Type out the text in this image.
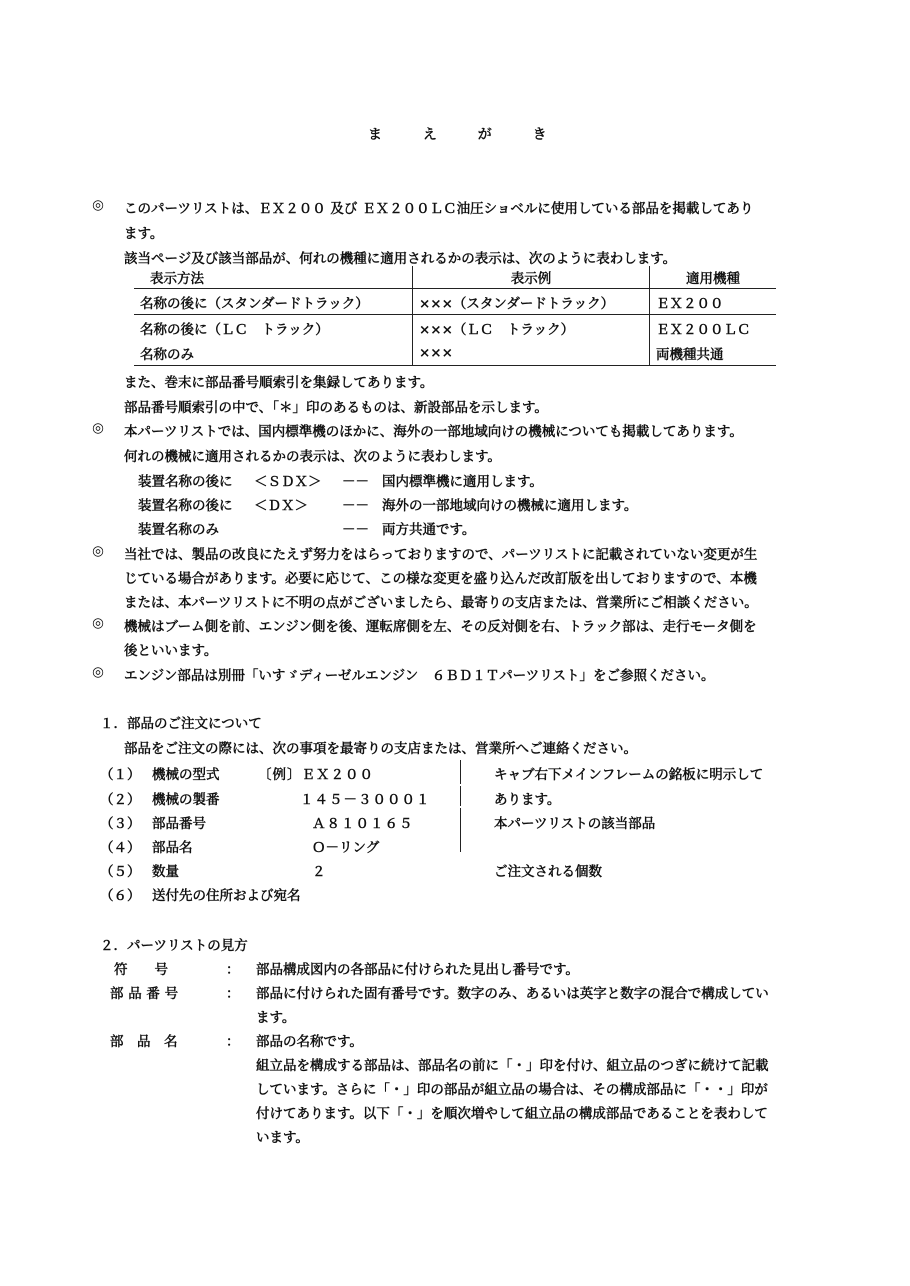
ま え が き
◎	このパーツリストは、ＥＸ２００ 及び ＥＸ２００ＬＣ油圧ショベルに使用している部品を掲載してあり
ます。
該当ページ及び該当部品が、何れの機種に適用されるかの表示は、次のように表わします。
表示方法	表示例	適用機種
名称の後に（スタンダードトラック）	×××（スタンダードトラック）	ＥＸ２００
名称の後に（ＬＣ　トラック）	×××（ＬＣ　トラック）	ＥＸ２００ＬＣ
名称のみ	×××	両機種共通
また、巻末に部品番号順索引を集録してあります。
部品番号順索引の中で、「＊」印のあるものは、新設部品を示します。
◎	本パーツリストでは、国内標準機のほかに、海外の一部地域向けの機械についても掲載してあります。
何れの機械に適用されるかの表示は、次のように表わします。
装置名称の後に ＜ＳＤＸ＞ －－ 国内標準機に適用します。
装置名称の後に ＜ＤＸ＞	－－ 海外の一部地域向けの機械に適用します。
装置名称のみ	－－ 両方共通です。
◎	当社では、製品の改良にたえず努力をはらっておりますので、パーツリストに記載されていない変更が生
じている場合があります。必要に応じて、この様な変更を盛り込んだ改訂版を出しておりますので、本機
または、本パーツリストに不明の点がございましたら、最寄りの支店または、営業所にご相談ください。
◎	機械はブーム側を前、エンジン側を後、運転席側を左、その反対側を右、トラック部は、走行モータ側を
後といいます。
◎	エンジン部品は別冊「いすゞディーゼルエンジン　６ＢＤ１Ｔパーツリスト」をご参照ください。
１．部品のご注文について
部品をご注文の際には、次の事項を最寄りの支店または、営業所へご連絡ください。
（１） 機械の型式	〔例〕ＥＸ２００	キャブ右下メインフレームの銘板に明示して
（２） 機械の製番	１４５－３０００１	あります。
（３） 部品番号	Ａ８１０１６５	本パーツリストの該当部品
（４） 部品名	Ｏ－リング
（５） 数量	２	ご注文される個数
（６） 送付先の住所および宛名
２．パーツリストの見方
符　　号	： 部品構成図内の各部品に付けられた見出し番号です。
部 品 番 号	： 部品に付けられた固有番号です。数字のみ、あるいは英字と数字の混合で構成してい
ます。
部　品　名	： 部品の名称です。
組立品を構成する部品は、部品名の前に「・」印を付け、組立品のつぎに続けて記載
しています。さらに「・」印の部品が組立品の場合は、その構成部品に「・・」印が
付けてあります。以下「・」を順次増やして組立品の構成部品であることを表わして
います。
